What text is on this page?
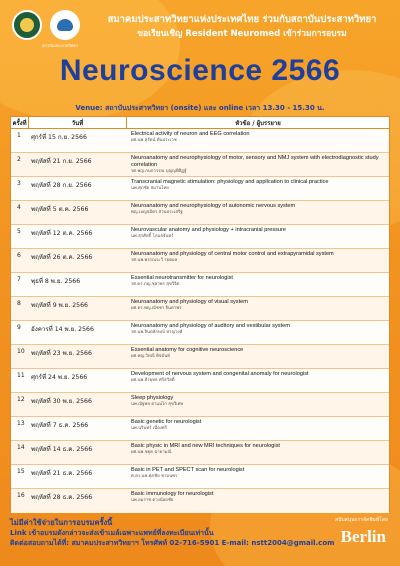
สถาบันประสาทวิทยา
สมาคมประสาทวิทยาแห่งประเทศไทย ร่วมกับสถาบันประสาทวิทยา
ขอเรียนเชิญ Resident Neuromed เข้าร่วมการอบรม
Neuroscience 2566
Venue: สถาบันประสาทวิทยา (onsite) และ online เวลา 13.30 - 15.30 น.
ครั้งที่	วันที่	หัวข้อ / ผู้บรรยาย
1	ศุกร์ที่ 15 ก.ย. 2566	Electrical activity of neuron and EEG correlation
ผศ.นพ.สุรัตน์ ตันประเวช
2	พฤหัสที่ 21 ก.ย. 2566	Neuroanatomy and neurophysiology of motor, sensory and NMJ system with electrodiagnostic study correlation
รศ.พญ.กนกวรรณ บุญญพิสิฏฐ์
3	พฤหัสที่ 28 ก.ย. 2566	Transcranial magnetic stimulation: physiology and application to clinical practice
นพ.ศุภชัย สมานไทย
4	พฤหัสที่ 5 ต.ค. 2566	Neuroanatomy and neurophysiology of autonomic nervous system
พญ.เบญจมิตร สวนประเสริฐ
5	พฤหัสที่ 12 ต.ค. 2566	Neurovascular anatomy and physiology + intracranial pressure
นพ.สุรศักดิ์ โกมลจันทร์
6	พฤหัสที่ 26 ต.ค. 2566	Neuroanatomy and physiology of central motor control and extrapyramidal system
รศ.นพ.พรรณระวี รอดผล
7	พุธที่ 8 พ.ย. 2566	Essential neurotransmitter for neurologist
รศ.ดร.ภญ.ชุลาพร สุขวิจิต
8	พฤหัสที่ 9 พ.ย. 2566	Neuroanatomy and physiology of visual system
ผศ.ดร.พญ.ณัชชา จินดาพร
9	อังคารที่ 14 พ.ย. 2566	Neuroanatomy and physiology of auditory and vestibular system
รศ.นพ.จินตลักษณ์ หาญวงศ์
10	พฤหัสที่ 23 พ.ย. 2566	Essential anatomy for cognitive neuroscience
ผศ.พญ.วัทณี ดิจมันท์
11	ศุกร์ที่ 24 พ.ย. 2566	Development of nervous system and congenital anomaly for neurologist
ผศ.นพ.ธีรยุทธ ศรีสวัสดิ์
12	พฤหัสที่ 30 พ.ย. 2566	Sleep physiology
นพ.ณัฐพล ดาแม่ไก่ สุขวิเศษ
13	พฤหัสที่ 7 ธ.ค. 2566	Basic genetic for neurologist
นพ.นรินทร์ เนื่องศรี
14	พฤหัสที่ 14 ธ.ค. 2566	Basic physic in MRI and new MRI techniques for neurologist
ผศ.นพ.ชยุต ฉายามณี
15	พฤหัสที่ 21 ธ.ค. 2566	Basic in PET and SPECT scan for neurologist
ศ.ดร.นพ.ศุภชัย ชามนพร
16	พฤหัสที่ 28 ธ.ค. 2566	Basic immunology for neurologist
นพ.ยมราช ดวงน้อยชัย
ไม่มีค่าใช้จ่ายในการอบรมครั้งนี้
Link เข้าอบรมดังกล่าวจะส่งเข้าเมล์เฉพาะแพทย์ที่ลงทะเบียนเท่านั้น
ติดต่อสอบถามได้ที่: สมาคมประสาทวิทยาฯ โทรศัพท์ 02-716-5901 E-mail: nstt2004@gmail.com
สนับสนุนการจัดพิมพ์โดย
Berlin
